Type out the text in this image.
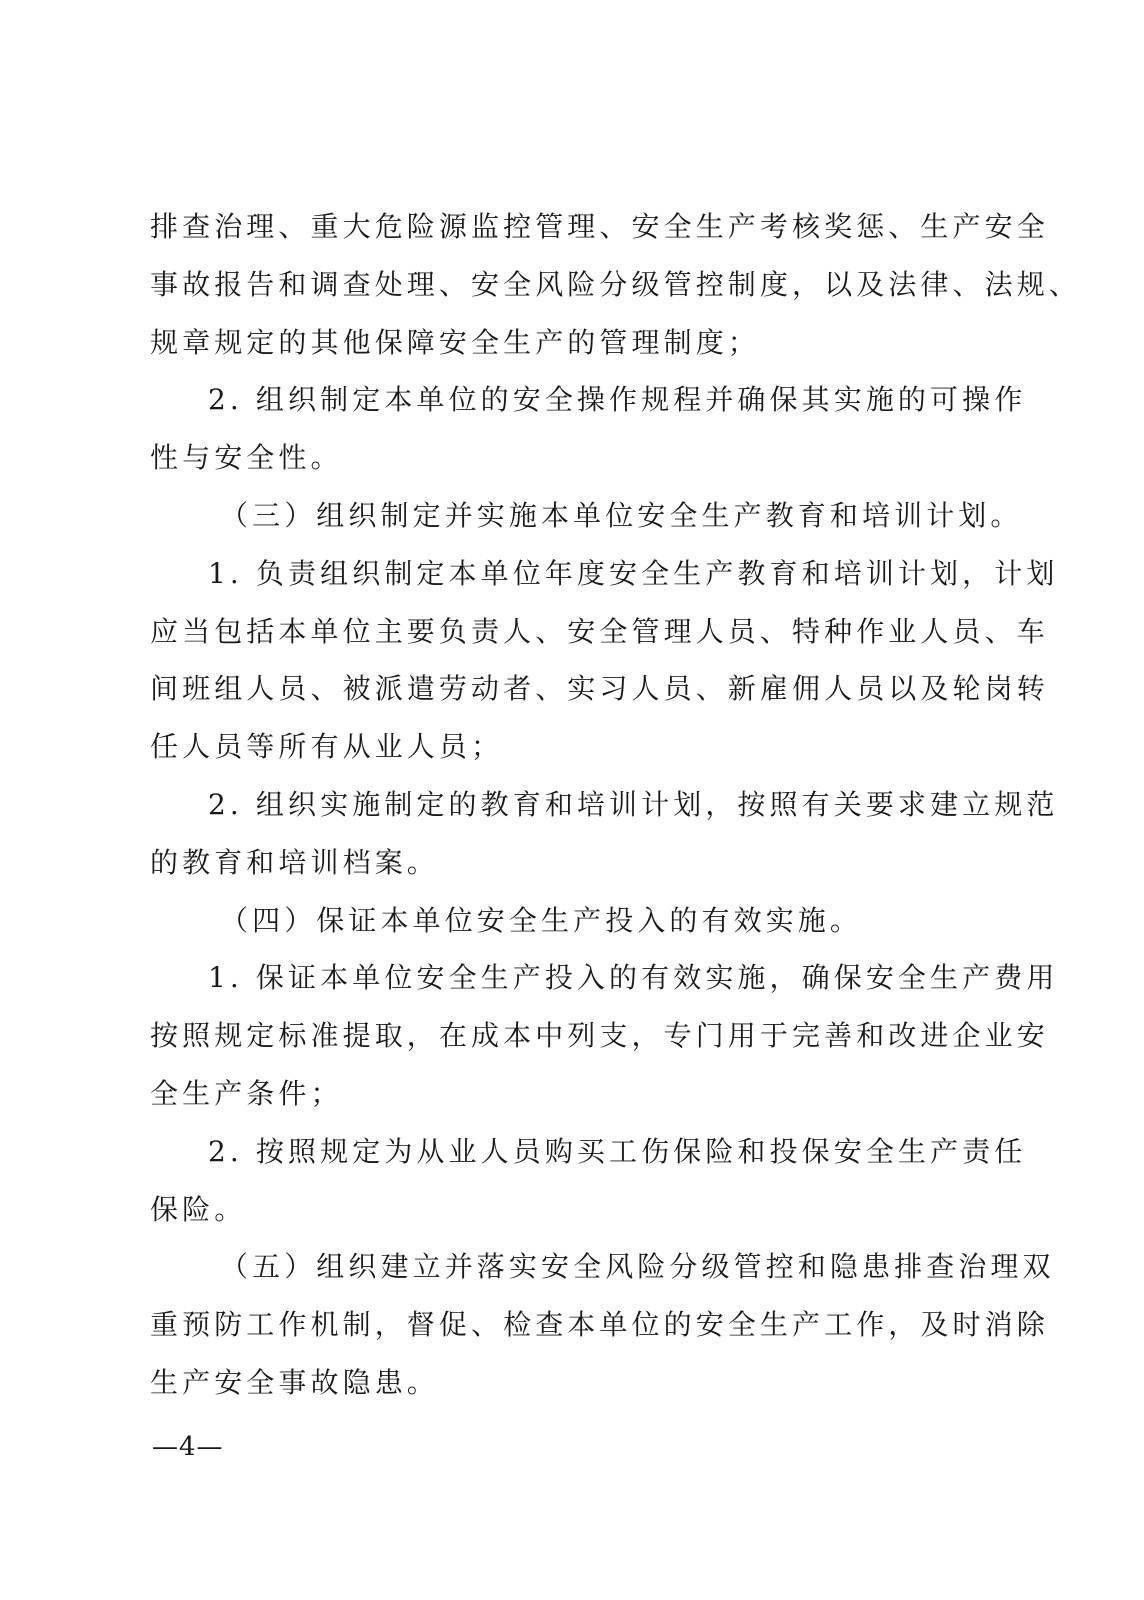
排查治理、重大危险源监控管理、安全生产考核奖惩、生产安全
事故报告和调查处理、安全风险分级管控制度，以及法律、法规、
规章规定的其他保障安全生产的管理制度；
2. 组织制定本单位的安全操作规程并确保其实施的可操作
性与安全性。
（三）组织制定并实施本单位安全生产教育和培训计划。
1. 负责组织制定本单位年度安全生产教育和培训计划，计划
应当包括本单位主要负责人、安全管理人员、特种作业人员、车
间班组人员、被派遣劳动者、实习人员、新雇佣人员以及轮岗转
任人员等所有从业人员；
2. 组织实施制定的教育和培训计划，按照有关要求建立规范
的教育和培训档案。
（四）保证本单位安全生产投入的有效实施。
1. 保证本单位安全生产投入的有效实施，确保安全生产费用
按照规定标准提取，在成本中列支，专门用于完善和改进企业安
全生产条件；
2. 按照规定为从业人员购买工伤保险和投保安全生产责任
保险。
（五）组织建立并落实安全风险分级管控和隐患排查治理双
重预防工作机制，督促、检查本单位的安全生产工作，及时消除
生产安全事故隐患。
—4—
